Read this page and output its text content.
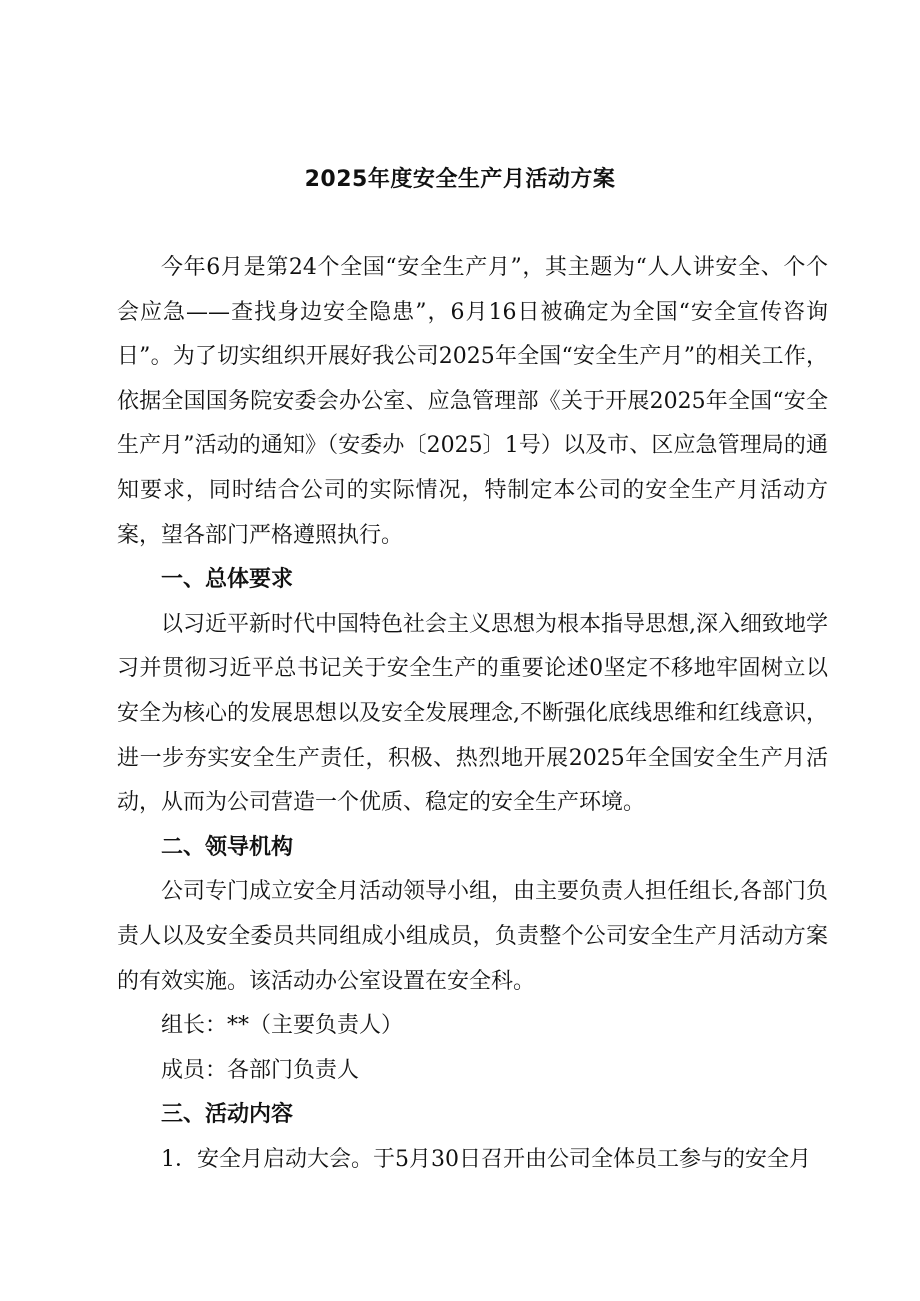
2025年度安全生产月活动方案

今年6月是第24个全国“安全生产月”，其主题为“人人讲安全、个个会应急——查找身边安全隐患”，6月16日被确定为全国“安全宣传咨询日”。为了切实组织开展好我公司2025年全国“安全生产月”的相关工作，依据全国国务院安委会办公室、应急管理部《关于开展2025年全国“安全生产月”活动的通知》（安委办〔2025〕1号）以及市、区应急管理局的通知要求，同时结合公司的实际情况，特制定本公司的安全生产月活动方案，望各部门严格遵照执行。

一、总体要求

以习近平新时代中国特色社会主义思想为根本指导思想,深入细致地学习并贯彻习近平总书记关于安全生产的重要论述0坚定不移地牢固树立以安全为核心的发展思想以及安全发展理念,不断强化底线思维和红线意识，进一步夯实安全生产责任，积极、热烈地开展2025年全国安全生产月活动，从而为公司营造一个优质、稳定的安全生产环境。

二、领导机构

公司专门成立安全月活动领导小组，由主要负责人担任组长,各部门负责人以及安全委员共同组成小组成员，负责整个公司安全生产月活动方案的有效实施。该活动办公室设置在安全科。

组长：**（主要负责人）

成员：各部门负责人

三、活动内容

1．安全月启动大会。于5月30日召开由公司全体员工参与的安全月
